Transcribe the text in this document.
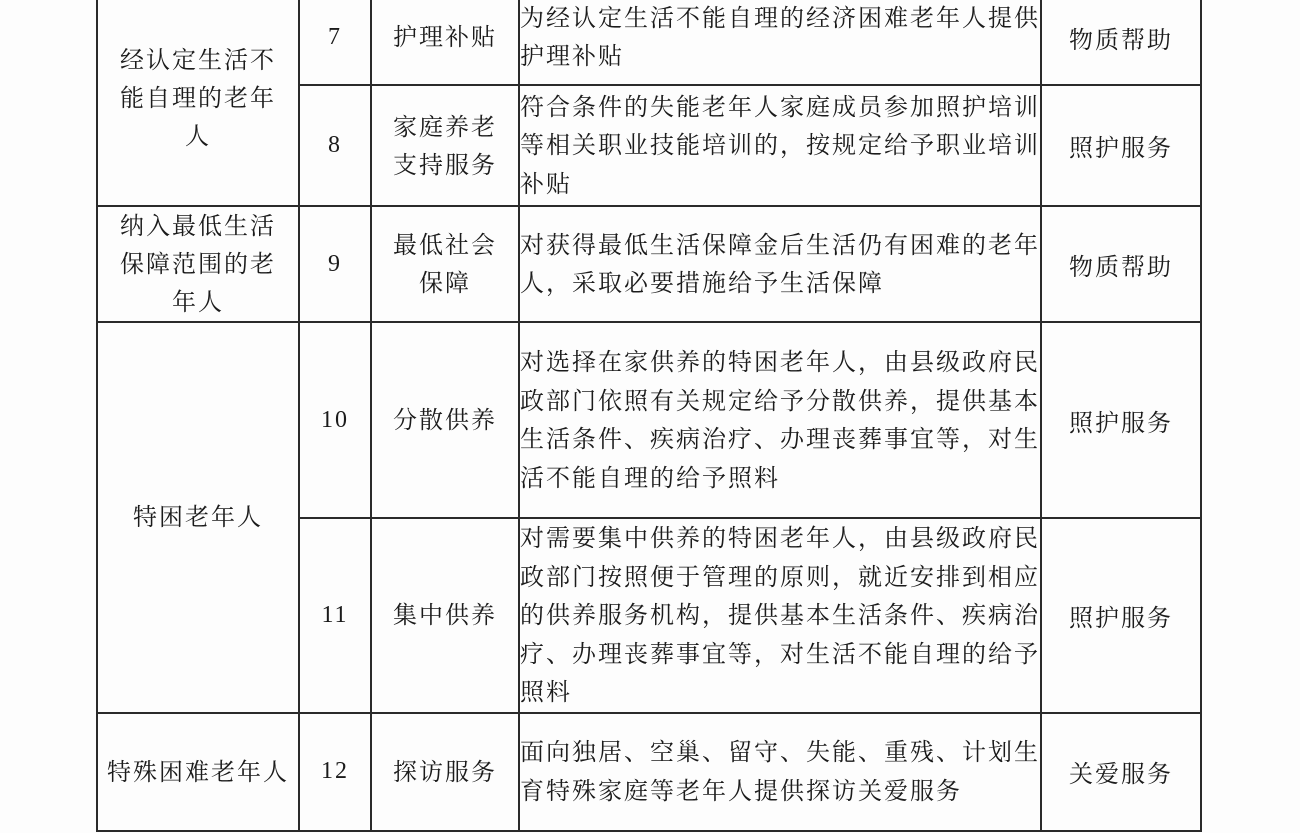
经认定生活不能自理的老年人	7	护理补贴	为经认定生活不能自理的经济困难老年人提供护理补贴	物质帮助
	8	家庭养老支持服务	符合条件的失能老年人家庭成员参加照护培训等相关职业技能培训的，按规定给予职业培训补贴	照护服务
纳入最低生活保障范围的老年人	9	最低社会保障	对获得最低生活保障金后生活仍有困难的老年人，采取必要措施给予生活保障	物质帮助
特困老年人	10	分散供养	对选择在家供养的特困老年人，由县级政府民政部门依照有关规定给予分散供养，提供基本生活条件、疾病治疗、办理丧葬事宜等，对生活不能自理的给予照料	照护服务
	11	集中供养	对需要集中供养的特困老年人，由县级政府民政部门按照便于管理的原则，就近安排到相应的供养服务机构，提供基本生活条件、疾病治疗、办理丧葬事宜等，对生活不能自理的给予照料	照护服务
特殊困难老年人	12	探访服务	面向独居、空巢、留守、失能、重残、计划生育特殊家庭等老年人提供探访关爱服务	关爱服务
